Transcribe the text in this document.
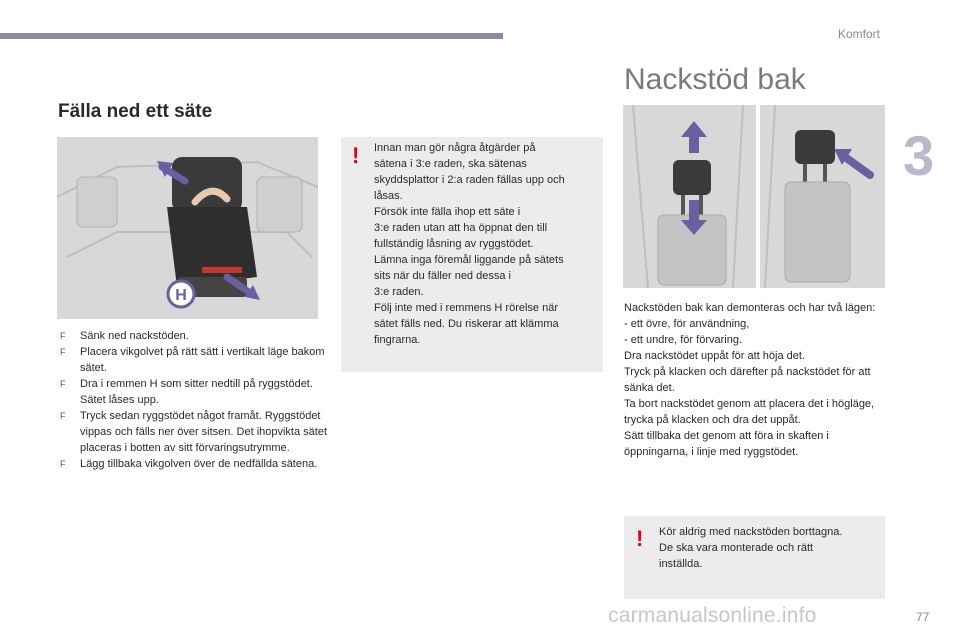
Komfort
3
77
Fälla ned ett säte
Nackstöd bak
H
F Sänk ned nackstöden.
F Placera vikgolvet på rätt sätt i vertikalt läge bakom sätet.
F Dra i remmen H som sitter nedtill på ryggstödet. Sätet låses upp.
F Tryck sedan ryggstödet något framåt. Ryggstödet vippas och fälls ner över sitsen. Det ihopvikta sätet placeras i botten av sitt förvaringsutrymme.
F Lägg tillbaka vikgolven över de nedfällda sätena.
! Innan man gör några åtgärder på
sätena i 3:e raden, ska sätenas
skyddsplattor i 2:a raden fällas upp och
låsas.
Försök inte fälla ihop ett säte i
3:e raden utan att ha öppnat den till
fullständig låsning av ryggstödet.
Lämna inga föremål liggande på sätets
sits när du fäller ned dessa i
3:e raden.
Följ inte med i remmens H rörelse när
sätet fälls ned. Du riskerar att klämma
fingrarna.

Nackstöden bak kan demonteras och har två lägen:

- ett övre, för användning,

- ett undre, för förvaring.

Dra nackstödet uppåt för att höja det.

Tryck på klacken och därefter på nackstödet för att sänka det.

Ta bort nackstödet genom att placera det i högläge, trycka på klacken och dra det uppåt.

Sätt tillbaka det genom att föra in skaften i öppningarna, i linje med ryggstödet.

! Kör aldrig med nackstöden borttagna.
De ska vara monterade och rätt
inställda.
carmanualsonline.info
